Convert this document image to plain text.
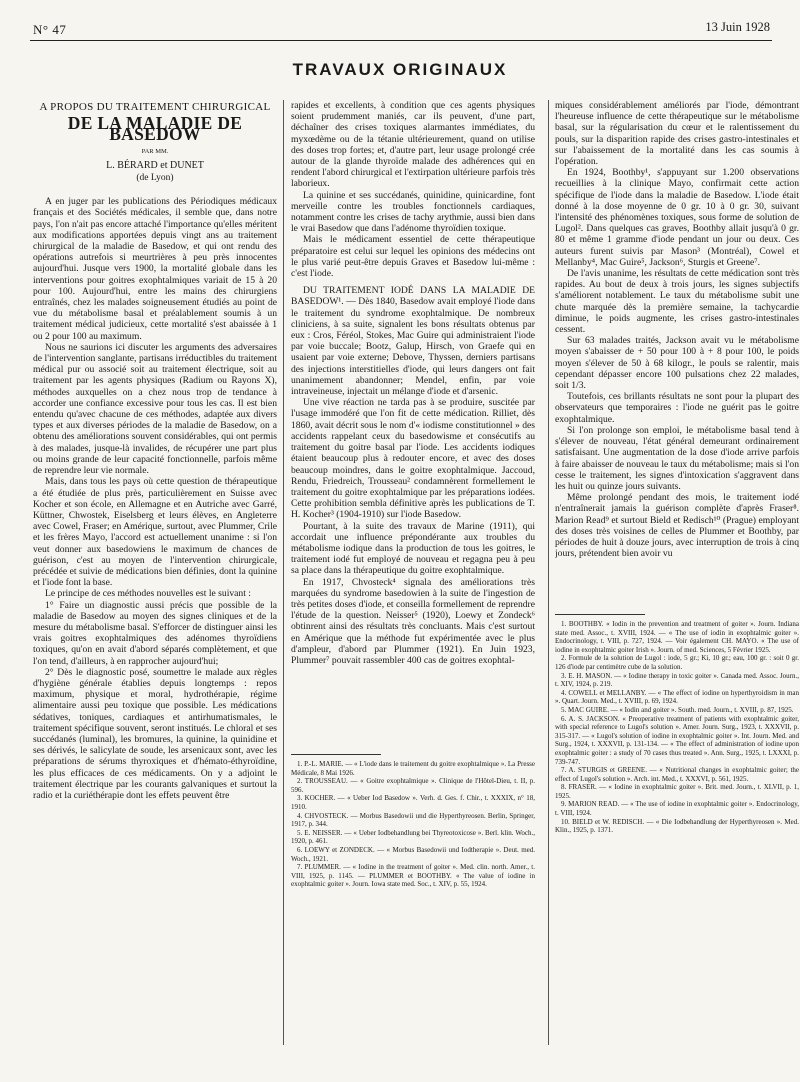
N° 47	13 Juin 1928
TRAVAUX ORIGINAUX
A PROPOS DU TRAITEMENT CHIRURGICAL
DE LA MALADIE DE BASEDOW
PAR MM.
L. BÉRARD et DUNET
(de Lyon)

A en juger par les publications des Périodiques médicaux français et des Sociétés médicales, il semble que, dans notre pays, l'on n'ait pas encore attaché l'importance qu'elles méritent aux modifications apportées depuis vingt ans au traitement chirurgical de la maladie de Basedow, et qui ont rendu des opérations autrefois si meurtrières à peu près innocentes aujourd'hui. Jusque vers 1900, la mortalité globale dans les interventions pour goitres exophtalmiques variait de 15 à 20 pour 100. Aujourd'hui, entre les mains des chirurgiens entraînés, chez les malades soigneusement étudiés au point de vue du métabolisme basal et préalablement soumis à un traitement médical judicieux, cette mortalité s'est abaissée à 1 ou 2 pour 100 au maximum.

Nous ne saurions ici discuter les arguments des adversaires de l'intervention sanglante, partisans irréductibles du traitement médical pur ou associé soit au traitement électrique, soit au traitement par les agents physiques (Radium ou Rayons X), méthodes auxquelles on a chez nous trop de tendance à accorder une confiance excessive pour tous les cas. Il est bien entendu qu'avec chacune de ces méthodes, adaptée aux divers types et aux diverses périodes de la maladie de Basedow, on a obtenu des améliorations souvent considérables, qui ont permis à des malades, jusque-là invalides, de récupérer une part plus ou moins grande de leur capacité fonctionnelle, parfois même de reprendre leur vie normale.

Mais, dans tous les pays où cette question de thérapeutique a été étudiée de plus près, particulièrement en Suisse avec Kocher et son école, en Allemagne et en Autriche avec Garré, Küttner, Chwostek, Eiselsberg et leurs élèves, en Angleterre avec Cowel, Fraser; en Amérique, surtout, avec Plummer, Crile et les frères Mayo, l'accord est actuellement unanime : si l'on veut donner aux basedowiens le maximum de chances de guérison, c'est au moyen de l'intervention chirurgicale, précédée et suivie de médications bien définies, dont la quinine et l'iode font la base.

Le principe de ces méthodes nouvelles est le suivant :

1° Faire un diagnostic aussi précis que possible de la maladie de Basedow au moyen des signes cliniques et de la mesure du métabolisme basal. S'efforcer de distinguer ainsi les vrais goitres exophtalmiques des adénomes thyroïdiens toxiques, qu'on en avait d'abord séparés complètement, et que l'on tend, d'ailleurs, à en rapprocher aujourd'hui;

2° Dès le diagnostic posé, soumettre le malade aux règles d'hygiène générale établies depuis longtemps : repos maximum, physique et moral, hydrothérapie, régime alimentaire aussi peu toxique que possible. Les médications sédatives, toniques, cardiaques et antirhumatismales, le traitement spécifique souvent, seront institués. Le chloral et ses succédanés (luminal), les bromures, la quinine, la quinidine et ses dérivés, le salicylate de soude, les arsenicaux sont, avec les préparations de sérums thyroxiques et d'hémato-éthyroïdine, les plus efficaces de ces médicaments. On y a adjoint le traitement électrique par les courants galvaniques et surtout la radio et la curiéthérapie dont les effets peuvent être

rapides et excellents, à condition que ces agents physiques soient prudemment maniés, car ils peuvent, d'une part, déchaîner des crises toxiques alarmantes immédiates, du myxœdème ou de la tétanie ultérieurement, quand on utilise des doses trop fortes; et, d'autre part, leur usage prolongé crée autour de la glande thyroïde malade des adhérences qui en rendent l'abord chirurgical et l'extirpation ultérieure parfois très laborieux.

La quinine et ses succédanés, quinidine, quinicardine, font merveille contre les troubles fonctionnels cardiaques, notamment contre les crises de tachy arythmie, aussi bien dans le vrai Basedow que dans l'adénome thyroïdien toxique.

Mais le médicament essentiel de cette thérapeutique préparatoire est celui sur lequel les opinions des médecins ont le plus varié peut-être depuis Graves et Basedow lui-même : c'est l'iode.

DU TRAITEMENT IODÉ DANS LA MALADIE DE BASEDOW¹. — Dès 1840, Basedow avait employé l'iode dans le traitement du syndrome exophtalmique. De nombreux cliniciens, à sa suite, signalent les bons résultats obtenus par eux : Cros, Féréol, Stokes, Mac Guire qui administraient l'iode par voie buccale; Bootz, Galup, Hirsch, von Graefe qui en usaient par voie externe; Debove, Thyssen, derniers partisans des injections interstitielles d'iode, qui leurs dangers ont fait unanimement abandonner; Mendel, enfin, par voie intraveineuse, injectait un mélange d'iode et d'arsenic.

Une vive réaction ne tarda pas à se produire, suscitée par l'usage immodéré que l'on fit de cette médication. Rilliet, dès 1860, avait décrit sous le nom d'« iodisme constitutionnel » des accidents rappelant ceux du basedowisme et consécutifs au traitement du goitre basal par l'iode. Les accidents iodiques étaient beaucoup plus à redouter encore, et avec des doses beaucoup moindres, dans le goitre exophtalmique. Jaccoud, Rendu, Friedreich, Trousseau² condamnèrent formellement le traitement du goitre exophtalmique par les préparations iodées. Cette prohibition sembla définitive après les publications de T. H. Kocher³ (1904-1910) sur l'iode Basedow.

Pourtant, à la suite des travaux de Marine (1911), qui accordait une influence prépondérante aux troubles du métabolisme iodique dans la production de tous les goitres, le traitement iodé fut employé de nouveau et regagna peu à peu sa place dans la thérapeutique du goitre exophtalmique.

En 1917, Chvosteck⁴ signala des améliorations très marquées du syndrome basedowien à la suite de l'ingestion de très petites doses d'iode, et conseilla formellement de reprendre l'étude de la question. Neisser⁵ (1920), Loewy et Zondeck⁶ obtinrent ainsi des résultats très concluants. Mais c'est surtout en Amérique que la méthode fut expérimentée avec le plus d'ampleur, d'abord par Plummer (1921). En Juin 1923, Plummer⁷ pouvait rassembler 400 cas de goitres exophtal-

1. P.-L. MARIE. — « L'iode dans le traitement du goitre exophtalmique ». La Presse Médicale, 8 Mai 1926.

2. TROUSSEAU. — « Goitre exophtalmique ». Clinique de l'Hôtel-Dieu, t. II, p. 596.

3. KOCHER. — « Ueber Iod Basedow ». Verh. d. Ges. f. Chir., t. XXXIX, n° 18, 1910.

4. CHVOSTECK. — Morbus Basedowii und die Hyperthyreosen. Berlin, Springer, 1917, p. 344.

5. E. NEISSER. — « Ueber Iodbehandlung bei Thyreotoxicose ». Berl. klin. Woch., 1920, p. 461.

6. LOEWY et ZONDECK. — « Morbus Basedowii und Iodtherapie ». Deut. med. Woch., 1921.

7. PLUMMER. — « Iodine in the treatment of goiter ». Med. clin. north. Amer., t. VIII, 1925, p. 1145. — PLUMMER et BOOTHBY. « The value of iodine in exophtalmic goiter ». Journ. Iowa state med. Soc., t. XIV, p. 55, 1924.

miques considérablement améliorés par l'iode, démontrant l'heureuse influence de cette thérapeutique sur le métabolisme basal, sur la régularisation du cœur et le ralentissement du pouls, sur la disparition rapide des crises gastro-intestinales et sur l'abaissement de la mortalité dans les cas soumis à l'opération.

En 1924, Boothby¹, s'appuyant sur 1.200 observations recueillies à la clinique Mayo, confirmait cette action spécifique de l'iode dans la maladie de Basedow. L'iode était donné à la dose moyenne de 0 gr. 10 à 0 gr. 30, suivant l'intensité des phénomènes toxiques, sous forme de solution de Lugol². Dans quelques cas graves, Boothby allait jusqu'à 0 gr. 80 et même 1 gramme d'iode pendant un jour ou deux. Ces auteurs furent suivis par Mason³ (Montréal), Cowel et Mellanby⁴, Mac Guire⁵, Jackson⁶, Sturgis et Greene⁷.

De l'avis unanime, les résultats de cette médication sont très rapides. Au bout de deux à trois jours, les signes subjectifs s'améliorent notablement. Le taux du métabolisme subit une chute marquée dès la première semaine, la tachycardie diminue, le poids augmente, les crises gastro-intestinales cessent.

Sur 63 malades traités, Jackson avait vu le métabolisme moyen s'abaisser de + 50 pour 100 à + 8 pour 100, le poids moyen s'élever de 50 à 68 kilogr., le pouls se ralentir, mais cependant dépasser encore 100 pulsations chez 22 malades, soit 1/3.

Toutefois, ces brillants résultats ne sont pour la plupart des observateurs que temporaires : l'iode ne guérit pas le goitre exophtalmique.

Si l'on prolonge son emploi, le métabolisme basal tend à s'élever de nouveau, l'état général demeurant ordinairement satisfaisant. Une augmentation de la dose d'iode arrive parfois à faire abaisser de nouveau le taux du métabolisme; mais si l'on cesse le traitement, les signes d'intoxication s'aggravent dans les huit ou quinze jours suivants.

Même prolongé pendant des mois, le traitement iodé n'entraînerait jamais la guérison complète d'après Fraser⁸. Marion Read⁹ et surtout Bield et Redisch¹⁰ (Prague) employant des doses très voisines de celles de Plummer et Boothby, par périodes de huit à douze jours, avec interruption de trois à cinq jours, prétendent bien avoir vu

1. BOOTHBY. « Iodin in the prevention and treatment of goiter ». Journ. Indiana state med. Assoc., t. XVIII, 1924. — « The use of iodin in exophtalmic goiter ». Endocrinology, t. VIII, p. 727, 1924. — Voir également CH. MAYO. « The use of iodine in exophtalmic goiter Irish ». Journ. of med. Sciences, 5 Février 1925.

2. Formule de la solution de Lugol : iode, 5 gr.; Ki, 10 gr.; eau, 100 gr. : soit 0 gr. 126 d'iode par centimètre cube de la solution.

3. E. H. MASON. — « Iodine therapy in toxic goiter ». Canada med. Assoc. Journ., t. XIV, 1924, p. 219.

4. COWELL et MELLANBY. — « The effect of iodine on hyperthyroidism in man ». Quart. Journ. Med., t. XVIII, p. 69, 1924.

5. MAC GUIRE. — « Iodin and goiter ». South. med. Journ., t. XVIII, p. 87, 1925.

6. A. S. JACKSON. « Preoperative treatment of patients with exophtalmic goiter, with special reference to Lugol's solution ». Amer. Journ. Surg., 1923, t. XXXVII, p. 315-317. — « Lugol's solution of iodine in exophtalmic goiter ». Int. Journ. Med. and Surg., 1924, t. XXXVII, p. 131-134. — « The effect of administration of iodine upon exophtalmic goiter : a study of 70 cases thus treated ». Ann. Surg., 1925, t. LXXXI, p. 739-747.

7. A. STURGIS et GREENE. — « Nutritional changes in exophtalmic goiter; the effect of Lugol's solution ». Arch. int. Med., t. XXXVI, p. 561, 1925.

8. FRASER. — « Iodine in exophtalmic goiter ». Brit. med. Journ., t. XLVII, p. 1, 1925.

9. MARION READ. — « The use of iodine in exophtalmic goiter ». Endocrinology, t. VIII, 1924.

10. BIELD et W. REDISCH. — « Die Iodbehandlung der Hyperthyreosen ». Med. Klin., 1925, p. 1371.
